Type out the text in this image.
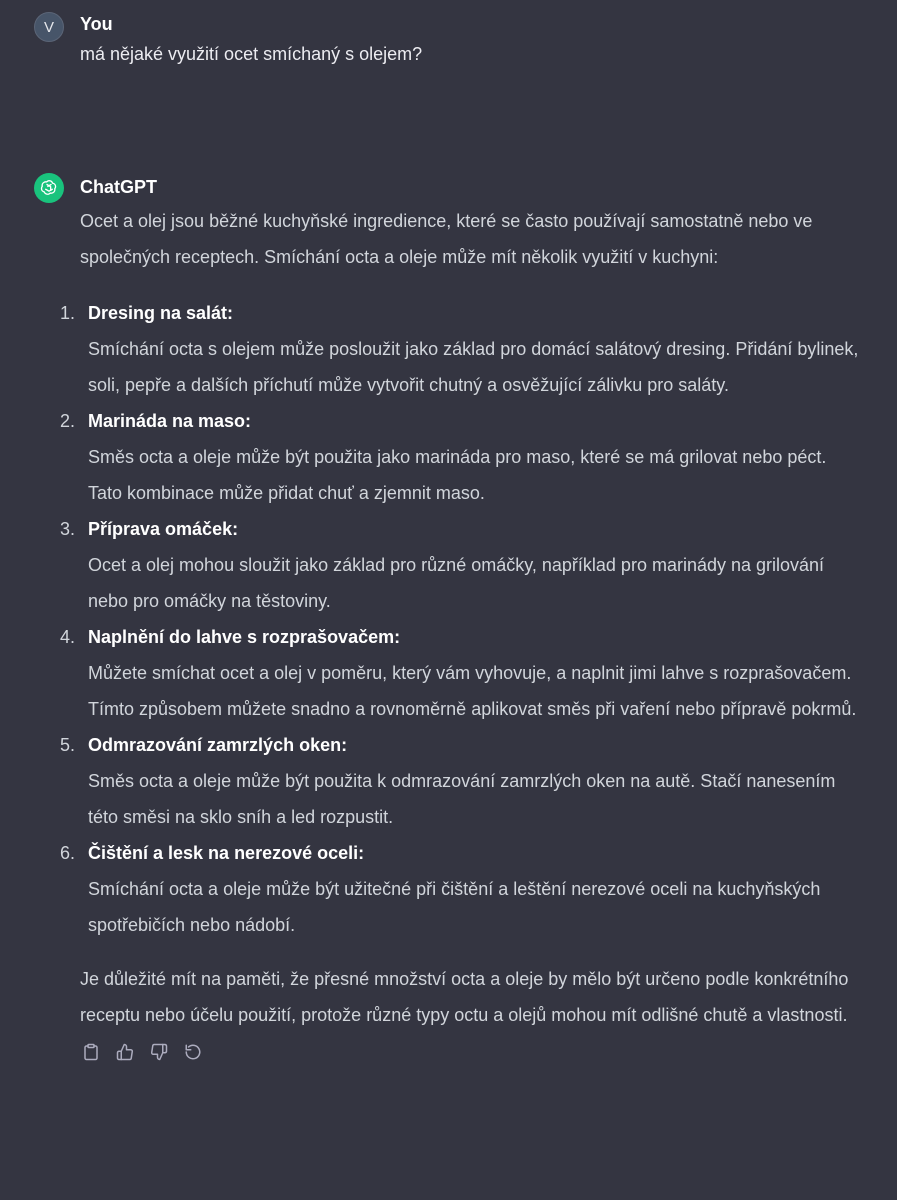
V You
má nějaké využití ocet smíchaný s olejem?
ChatGPT

Ocet a olej jsou běžné kuchyňské ingredience, které se často používají samostatně nebo ve společných receptech. Smíchání octa a oleje může mít několik využití v kuchyni:

1. Dresing na salát:
Smíchání octa s olejem může posloužit jako základ pro domácí salátový dresing. Přidání bylinek, soli, pepře a dalších příchutí může vytvořit chutný a osvěžující zálivku pro saláty.
2. Marináda na maso:
Směs octa a oleje může být použita jako marináda pro maso, které se má grilovat nebo péct. Tato kombinace může přidat chuť a zjemnit maso.
3. Příprava omáček:
Ocet a olej mohou sloužit jako základ pro různé omáčky, například pro marinády na grilování nebo pro omáčky na těstoviny.
4. Naplnění do lahve s rozprašovačem:
Můžete smíchat ocet a olej v poměru, který vám vyhovuje, a naplnit jimi lahve s rozprašovačem. Tímto způsobem můžete snadno a rovnoměrně aplikovat směs při vaření nebo přípravě pokrmů.
5. Odmrazování zamrzlých oken:
Směs octa a oleje může být použita k odmrazování zamrzlých oken na autě. Stačí nanesením této směsi na sklo sníh a led rozpustit.
6. Čištění a lesk na nerezové oceli:
Smíchání octa a oleje může být užitečné při čištění a leštění nerezové oceli na kuchyňských spotřebičích nebo nádobí.

Je důležité mít na paměti, že přesné množství octa a oleje by mělo být určeno podle konkrétního receptu nebo účelu použití, protože různé typy octu a olejů mohou mít odlišné chutě a vlastnosti.
